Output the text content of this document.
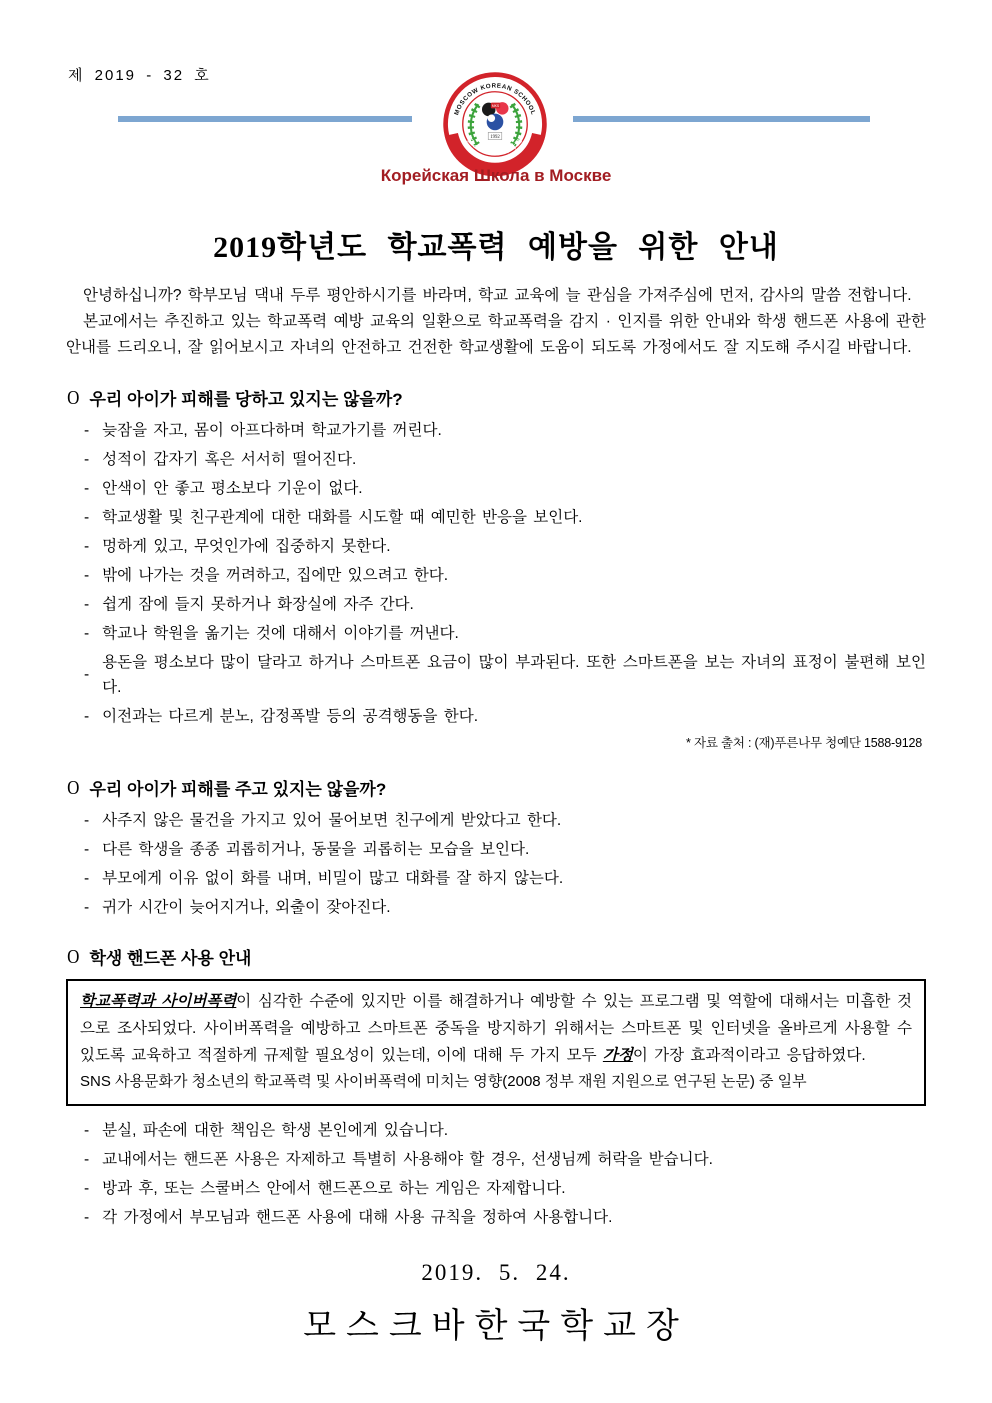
제 2019 - 32 호
MOSCOW KOREAN SCHOOL
MKS
1992
모스크바한국학교
Корейская Школа в Москве
2019학년도 학교폭력 예방을 위한 안내

안녕하십니까? 학부모님 댁내 두루 평안하시기를 바라며, 학교 교육에 늘 관심을 가져주심에 먼저, 감사의 말씀 전합니다.

본교에서는 추진하고 있는 학교폭력 예방 교육의 일환으로 학교폭력을 감지 · 인지를 위한 안내와 학생 핸드폰 사용에 관한 안내를 드리오니, 잘 읽어보시고 자녀의 안전하고 건전한 학교생활에 도움이 되도록 가정에서도 잘 지도해 주시길 바랍니다.

O 우리 아이가 피해를 당하고 있지는 않을까?
- 늦잠을 자고, 몸이 아프다하며 학교가기를 꺼린다.
- 성적이 갑자기 혹은 서서히 떨어진다.
- 안색이 안 좋고 평소보다 기운이 없다.
- 학교생활 및 친구관계에 대한 대화를 시도할 때 예민한 반응을 보인다.
- 멍하게 있고, 무엇인가에 집중하지 못한다.
- 밖에 나가는 것을 꺼려하고, 집에만 있으려고 한다.
- 쉽게 잠에 들지 못하거나 화장실에 자주 간다.
- 학교나 학원을 옮기는 것에 대해서 이야기를 꺼낸다.
-
용돈을 평소보다 많이 달라고 하거나 스마트폰 요금이 많이 부과된다. 또한 스마트폰을 보는 자녀의 표정이 불편해 보인다.
- 이전과는 다르게 분노, 감정폭발 등의 공격행동을 한다.
* 자료 출처 : (재)푸른나무 청예단 1588-9128
O 우리 아이가 피해를 주고 있지는 않을까?
- 사주지 않은 물건을 가지고 있어 물어보면 친구에게 받았다고 한다.
- 다른 학생을 종종 괴롭히거나, 동물을 괴롭히는 모습을 보인다.
- 부모에게 이유 없이 화를 내며, 비밀이 많고 대화를 잘 하지 않는다.
- 귀가 시간이 늦어지거나, 외출이 잦아진다.
O 학생 핸드폰 사용 안내

학교폭력과 사이버폭력이 심각한 수준에 있지만 이를 해결하거나 예방할 수 있는 프로그램 및 역할에 대해서는 미흡한 것으로 조사되었다. 사이버폭력을 예방하고 스마트폰 중독을 방지하기 위해서는 스마트폰 및 인터넷을 올바르게 사용할 수 있도록 교육하고 적절하게 규제할 필요성이 있는데, 이에 대해 두 가지 모두 가정이 가장 효과적이라고 응답하였다.

SNS 사용문화가 청소년의 학교폭력 및 사이버폭력에 미치는 영향(2008 정부 재원 지원으로 연구된 논문) 중 일부
- 분실, 파손에 대한 책임은 학생 본인에게 있습니다.
- 교내에서는 핸드폰 사용은 자제하고 특별히 사용해야 할 경우, 선생님께 허락을 받습니다.
- 방과 후, 또는 스쿨버스 안에서 핸드폰으로 하는 게임은 자제합니다.
- 각 가정에서 부모님과 핸드폰 사용에 대해 사용 규칙을 정하여 사용합니다.
2019. 5. 24.
모스크바한국학교장
